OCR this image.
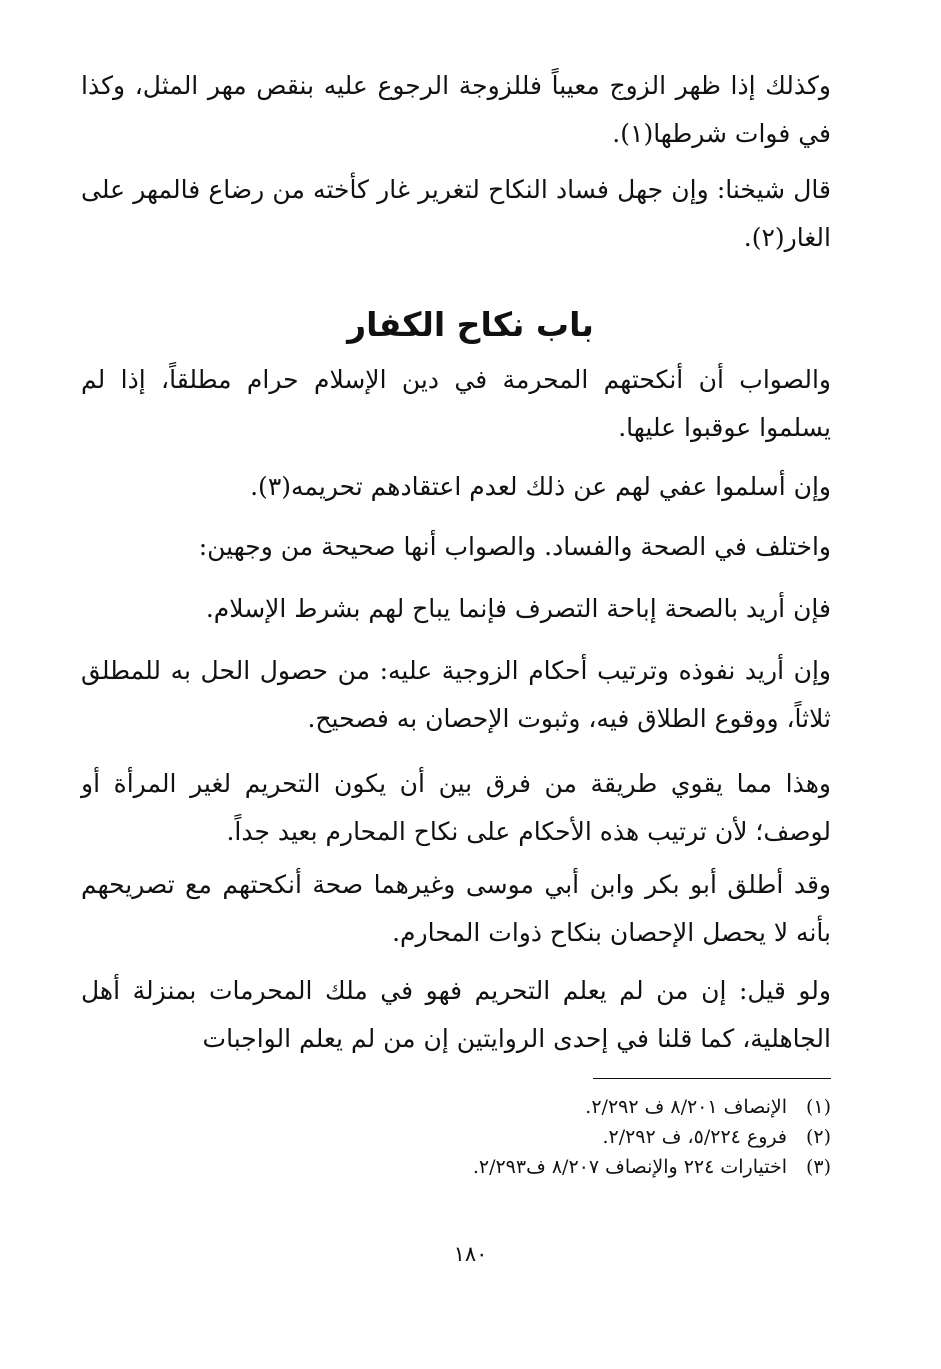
وكذلك إذا ظهر الزوج معيباً فللزوجة الرجوع عليه بنقص مهر المثل، وكذا في فوات شرطها(١).

قال شيخنا: وإن جهل فساد النكاح لتغرير غار كأخته من رضاع فالمهر على الغار(٢).

باب نكاح الكفار

والصواب أن أنكحتهم المحرمة في دين الإسلام حرام مطلقاً، إذا لم يسلموا عوقبوا عليها.

وإن أسلموا عفي لهم عن ذلك لعدم اعتقادهم تحريمه(٣).

واختلف في الصحة والفساد. والصواب أنها صحيحة من وجهين:

فإن أريد بالصحة إباحة التصرف فإنما يباح لهم بشرط الإسلام.

وإن أريد نفوذه وترتيب أحكام الزوجية عليه: من حصول الحل به للمطلق ثلاثاً، ووقوع الطلاق فيه، وثبوت الإحصان به فصحيح.

وهذا مما يقوي طريقة من فرق بين أن يكون التحريم لغير المرأة أو لوصف؛ لأن ترتيب هذه الأحكام على نكاح المحارم بعيد جداً.

وقد أطلق أبو بكر وابن أبي موسى وغيرهما صحة أنكحتهم مع تصريحهم بأنه لا يحصل الإحصان بنكاح ذوات المحارم.

ولو قيل: إن من لم يعلم التحريم فهو في ملك المحرمات بمنزلة أهل الجاهلية، كما قلنا في إحدى الروايتين إن من لم يعلم الواجبات

(١)
الإنصاف ٨/٢٠١ ف ٢/٢٩٢.
(٢)
فروع ٥/٢٢٤، ف ٢/٢٩٢.
(٣)
اختيارات ٢٢٤ والإنصاف ٨/٢٠٧ ف٢/٢٩٣.
١٨٠
